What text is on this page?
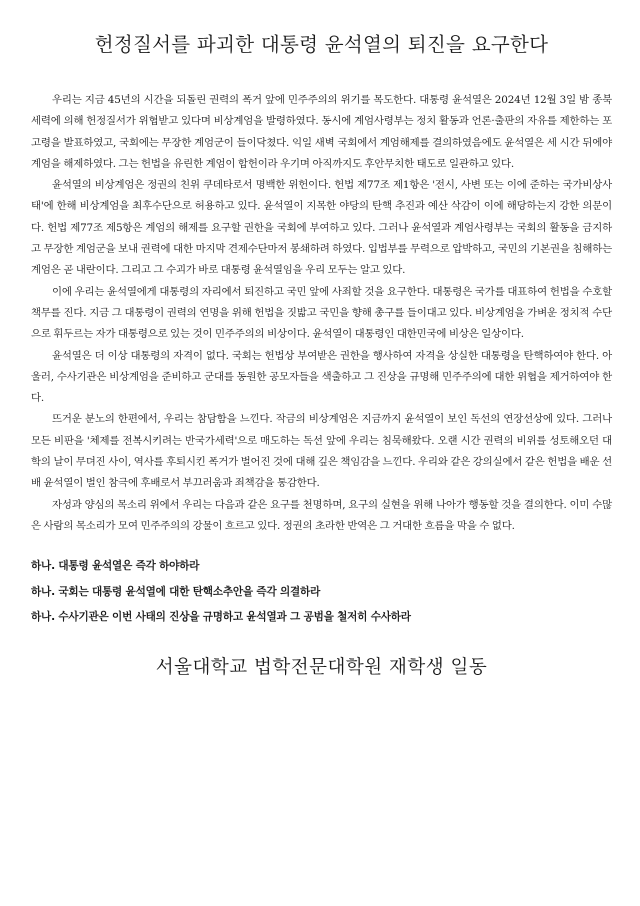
헌정질서를 파괴한 대통령 윤석열의 퇴진을 요구한다

우리는 지금 45년의 시간을 되돌린 권력의 폭거 앞에 민주주의의 위기를 목도한다. 대통령 윤석열은 2024년 12월 3일 밤 종북세력에 의해 헌정질서가 위협받고 있다며 비상계엄을 발령하였다. 동시에 계엄사령부는 정치 활동과 언론·출판의 자유를 제한하는 포고령을 발표하였고, 국회에는 무장한 계엄군이 들이닥쳤다. 익일 새벽 국회에서 계엄해제를 결의하였음에도 윤석열은 세 시간 뒤에야 계엄을 해제하였다. 그는 헌법을 유린한 계엄이 합헌이라 우기며 아직까지도 후안무치한 태도로 일관하고 있다.

윤석열의 비상계엄은 정권의 친위 쿠데타로서 명백한 위헌이다. 헌법 제77조 제1항은 '전시, 사변 또는 이에 준하는 국가비상사태'에 한해 비상계엄을 최후수단으로 허용하고 있다. 윤석열이 지목한 야당의 탄핵 추진과 예산 삭감이 이에 해당하는지 강한 의문이다. 헌법 제77조 제5항은 계엄의 해제를 요구할 권한을 국회에 부여하고 있다. 그러나 윤석열과 계엄사령부는 국회의 활동을 금지하고 무장한 계엄군을 보내 권력에 대한 마지막 견제수단마저 봉쇄하려 하였다. 입법부를 무력으로 압박하고, 국민의 기본권을 침해하는 계엄은 곧 내란이다. 그리고 그 수괴가 바로 대통령 윤석열임을 우리 모두는 알고 있다.

이에 우리는 윤석열에게 대통령의 자리에서 퇴진하고 국민 앞에 사죄할 것을 요구한다. 대통령은 국가를 대표하여 헌법을 수호할 책무를 진다. 지금 그 대통령이 권력의 연명을 위해 헌법을 짓밟고 국민을 향해 총구를 들이대고 있다. 비상계엄을 가벼운 정치적 수단으로 휘두르는 자가 대통령으로 있는 것이 민주주의의 비상이다. 윤석열이 대통령인 대한민국에 비상은 일상이다.

윤석열은 더 이상 대통령의 자격이 없다. 국회는 헌법상 부여받은 권한을 행사하여 자격을 상실한 대통령을 탄핵하여야 한다. 아울러, 수사기관은 비상계엄을 준비하고 군대를 동원한 공모자들을 색출하고 그 진상을 규명해 민주주의에 대한 위협을 제거하여야 한다.

뜨거운 분노의 한편에서, 우리는 참담함을 느낀다. 작금의 비상계엄은 지금까지 윤석열이 보인 독선의 연장선상에 있다. 그러나 모든 비판을 '체제를 전복시키려는 반국가세력'으로 매도하는 독선 앞에 우리는 침묵해왔다. 오랜 시간 권력의 비위를 성토해오던 대학의 날이 무뎌진 사이, 역사를 후퇴시킨 폭거가 벌어진 것에 대해 깊은 책임감을 느낀다. 우리와 같은 강의실에서 같은 헌법을 배운 선배 윤석열이 벌인 참극에 후배로서 부끄러움과 죄책감을 통감한다.

자성과 양심의 목소리 위에서 우리는 다음과 같은 요구를 천명하며, 요구의 실현을 위해 나아가 행동할 것을 결의한다. 이미 수많은 사람의 목소리가 모여 민주주의의 강물이 흐르고 있다. 정권의 초라한 반역은 그 거대한 흐름을 막을 수 없다.

하나. 대통령 윤석열은 즉각 하야하라

하나. 국회는 대통령 윤석열에 대한 탄핵소추안을 즉각 의결하라

하나. 수사기관은 이번 사태의 진상을 규명하고 윤석열과 그 공범을 철저히 수사하라

서울대학교 법학전문대학원 재학생 일동
